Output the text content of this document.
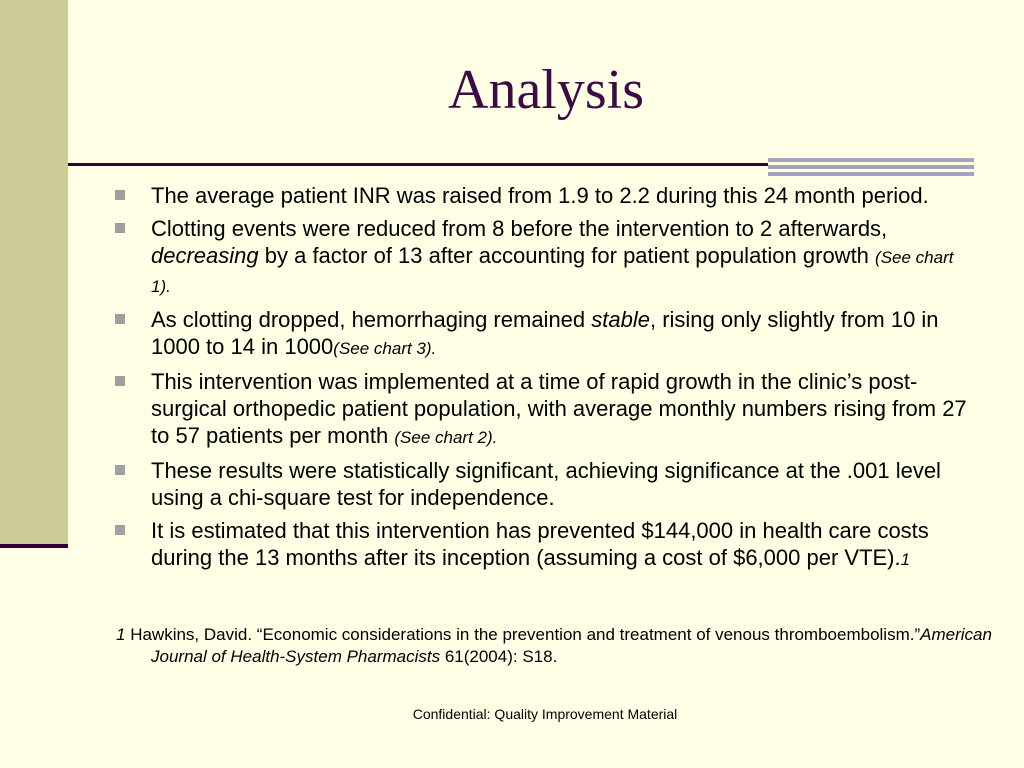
Analysis
The average patient INR was raised from 1.9 to 2.2 during this 24 month period.
Clotting events were reduced from 8 before the intervention to 2 afterwards, decreasing by a factor of 13 after accounting for patient population growth (See chart 1).
As clotting dropped, hemorrhaging remained stable, rising only slightly from 10 in 1000 to 14 in 1000(See chart 3).
This intervention was implemented at a time of rapid growth in the clinic’s post-surgical orthopedic patient population, with average monthly numbers rising from 27 to 57 patients per month (See chart 2).
These results were statistically significant, achieving significance at the .001 level using a chi-square test for independence.
It is estimated that this intervention has prevented $144,000 in health care costs during the 13 months after its inception (assuming a cost of $6,000 per VTE).1
1 Hawkins, David. “Economic considerations in the prevention and treatment of venous thromboembolism.”American Journal of Health-System Pharmacists 61(2004): S18.
Confidential: Quality Improvement Material
